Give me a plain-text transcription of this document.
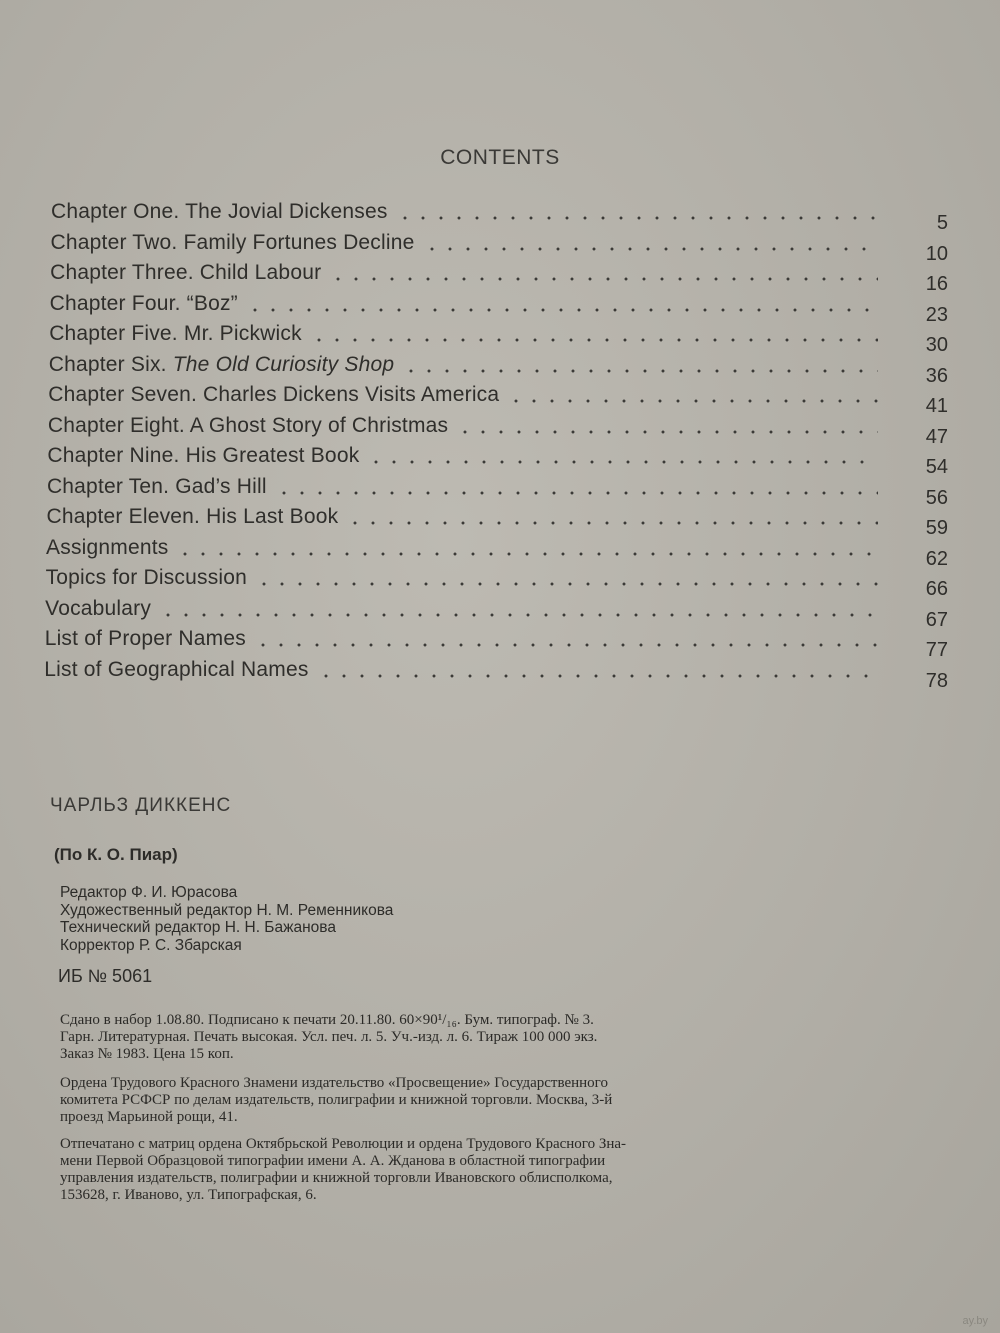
CONTENTS
Chapter One. The Jovial Dickenses	5
Chapter Two. Family Fortunes Decline	10
Chapter Three. Child Labour	16
Chapter Four. “Boz”	23
Chapter Five. Mr. Pickwick	30
Chapter Six. The Old Curiosity Shop	36
Chapter Seven. Charles Dickens Visits America	41
Chapter Eight. A Ghost Story of Christmas	47
Chapter Nine. His Greatest Book	54
Chapter Ten. Gad’s Hill	56
Chapter Eleven. His Last Book	59
Assignments	62
Topics for Discussion	66
Vocabulary	67
List of Proper Names	77
List of Geographical Names	78
ЧАРЛЬЗ ДИККЕНС
(По К. О. Пиар)
Редактор Ф. И. Юрасова
Художественный редактор Н. М. Ременникова
Технический редактор Н. Н. Бажанова
Корректор Р. С. Збарская
ИБ № 5061
Сдано в набор 1.08.80. Подписано к печати 20.11.80. 60×90¹/₁₆. Бум. типограф. № 3.
Гарн. Литературная. Печать высокая. Усл. печ. л. 5. Уч.-изд. л. 6. Тираж 100 000 экз.
Заказ № 1983. Цена 15 коп.
Ордена Трудового Красного Знамени издательство «Просвещение» Государственного
комитета РСФСР по делам издательств, полиграфии и книжной торговли. Москва, 3-й
проезд Марьиной рощи, 41.
Отпечатано с матриц ордена Октябрьской Революции и ордена Трудового Красного Зна-
мени Первой Образцовой типографии имени А. А. Жданова в областной типографии
управления издательств, полиграфии и книжной торговли Ивановского облисполкома,
153628, г. Иваново, ул. Типографская, 6.
ay.by
